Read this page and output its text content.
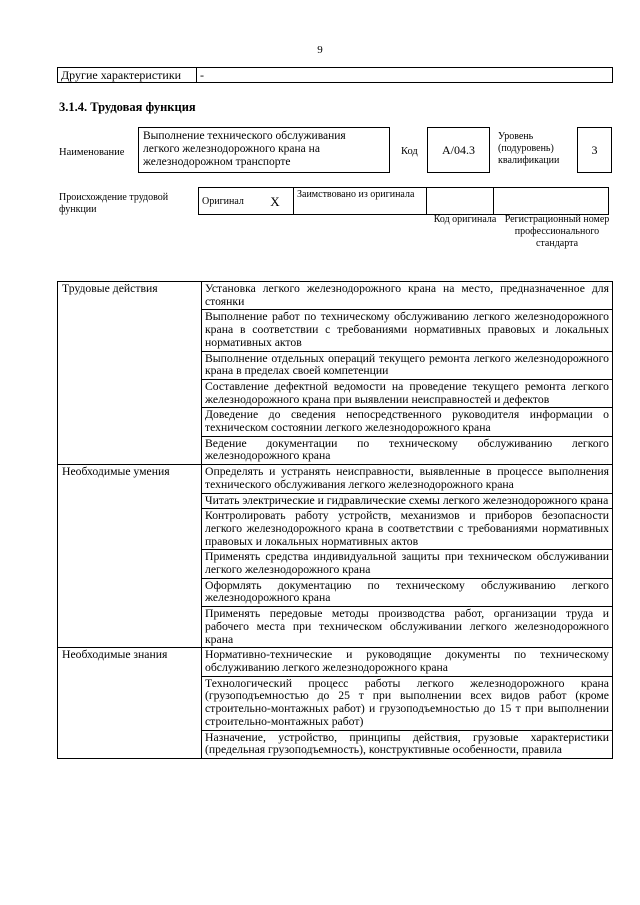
9
Другие характеристики	-
3.1.4. Трудовая функция
Наименование
Выполнение технического обслуживания легкого железнодорожного крана на железнодорожном транспорте
Код	A/04.3
Уровень (подуровень) квалификации
3
Происхождение трудовой функции
Оригинал	X	Заимствовано из оригинала		
Код оригинала Регистрационный номер профессионального стандарта
Трудовые действия	Установка легкого железнодорожного крана на место, предназначенное для стоянки
	Выполнение работ по техническому обслуживанию легкого железнодорожного крана в соответствии с требованиями нормативных правовых и локальных нормативных актов
	Выполнение отдельных операций текущего ремонта легкого железнодорожного крана в пределах своей компетенции
	Составление дефектной ведомости на проведение текущего ремонта легкого железнодорожного крана при выявлении неисправностей и дефектов
	Доведение до сведения непосредственного руководителя информации о техническом состоянии легкого железнодорожного крана
	Ведение документации по техническому обслуживанию легкого железнодорожного крана
Необходимые умения	Определять и устранять неисправности, выявленные в процессе выполнения технического обслуживания легкого железнодорожного крана
	Читать электрические и гидравлические схемы легкого железнодорожного крана
	Контролировать работу устройств, механизмов и приборов безопасности легкого железнодорожного крана в соответствии с требованиями нормативных правовых и локальных нормативных актов
	Применять средства индивидуальной защиты при техническом обслуживании легкого железнодорожного крана
	Оформлять документацию по техническому обслуживанию легкого железнодорожного крана
	Применять передовые методы производства работ, организации труда и рабочего места при техническом обслуживании легкого железнодорожного крана
Необходимые знания	Нормативно-технические и руководящие документы по техническому обслуживанию легкого железнодорожного крана
	Технологический процесс работы легкого железнодорожного крана (грузоподъемностью до 25 т при выполнении всех видов работ (кроме строительно-монтажных работ) и грузоподъемностью до 15 т при выполнении строительно-монтажных работ)
	Назначение, устройство, принципы действия, грузовые характеристики (предельная грузоподъемность), конструктивные особенности, правила
